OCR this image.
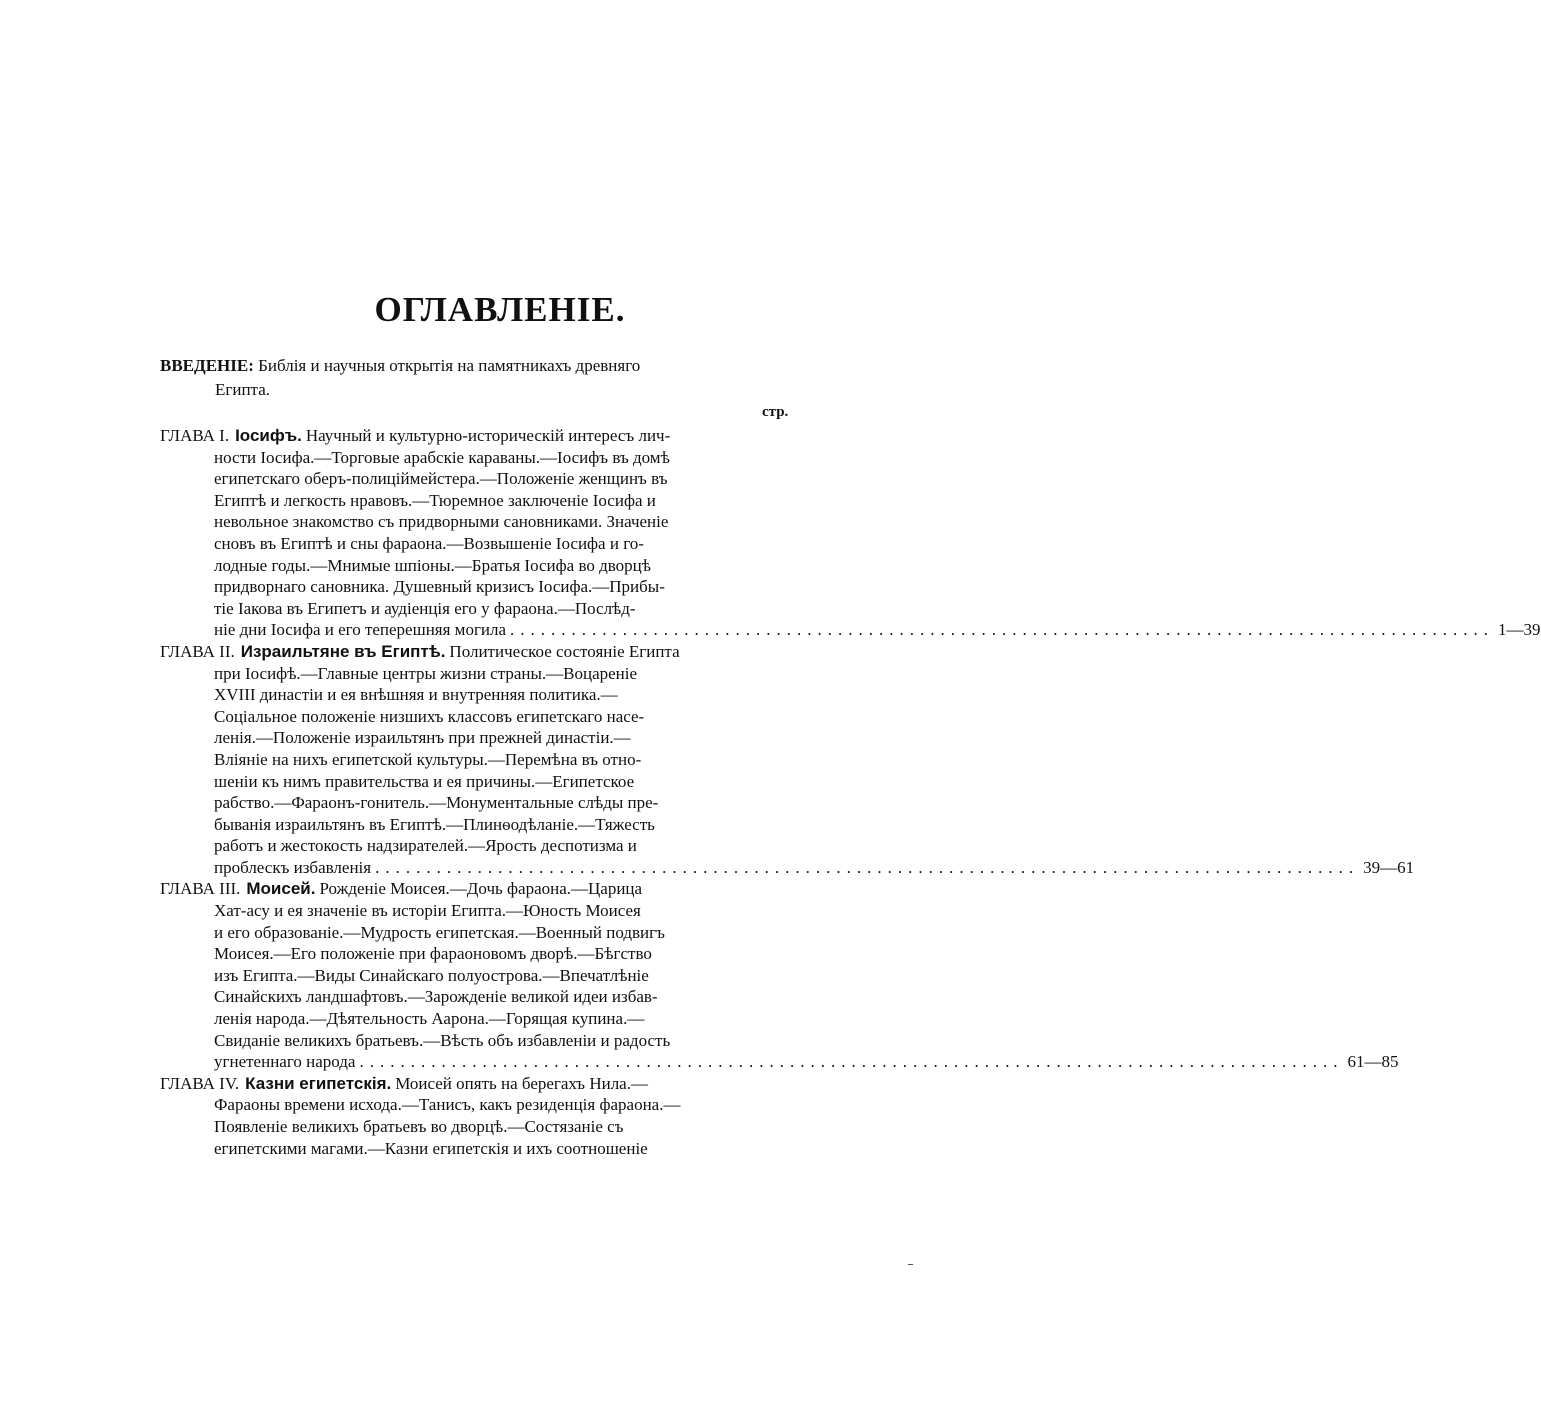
ОГЛАВЛЕНІЕ.
ВВЕДЕНІЕ: Библія и научныя открытія на памятникахъ древняго
Египта.
стр.
ГЛАВА I. Іосифъ. Научный и культурно-историческій интересъ лич-
ности Іосифа.—Торговые арабскіе караваны.—Іосифъ въ домѣ
египетскаго оберъ-полиціймейстера.—Положеніе женщинъ въ
Египтѣ и легкость нравовъ.—Тюремное заключеніе Іосифа и
невольное знакомство съ придворными сановниками. Значеніе
сновъ въ Египтѣ и сны фараона.—Возвышеніе Іосифа и го-
лодные годы.—Мнимые шпіоны.—Братья Іосифа во дворцѣ
придворнаго сановника. Душевный кризисъ Іосифа.—Прибы-
тіе Іакова въ Египетъ и аудіенція его у фараона.—Послѣд-
ніе дни Іосифа и его теперешняя могила ................................................................................................ 1—39
ГЛАВА II. Израильтяне въ Египтѣ. Политическое состояніе Египта
при Іосифѣ.—Главные центры жизни страны.—Воцареніе
XVIII династіи и ея внѣшняя и внутренняя политика.—
Соціальное положеніе низшихъ классовъ египетскаго насе-
ленія.—Положеніе израильтянъ при прежней династіи.—
Вліяніе на нихъ египетской культуры.—Перемѣна въ отно-
шеніи къ нимъ правительства и ея причины.—Египетское
рабство.—Фараонъ-гонитель.—Монументальные слѣды пре-
быванія израильтянъ въ Египтѣ.—Плинѳодѣланіе.—Тяжесть
работъ и жестокость надзирателей.—Ярость деспотизма и
проблескъ избавленія ................................................................................................ 39—61
ГЛАВА III. Моисей. Рожденіе Моисея.—Дочь фараона.—Царица
Хат-асу и ея значеніе въ исторіи Египта.—Юность Моисея
и его образованіе.—Мудрость египетская.—Военный подвигъ
Моисея.—Его положеніе при фараоновомъ дворѣ.—Бѣгство
изъ Египта.—Виды Синайскаго полуострова.—Впечатлѣніе
Синайскихъ ландшафтовъ.—Зарожденіе великой идеи избав-
ленія народа.—Дѣятельность Аарона.—Горящая купина.—
Свиданіе великихъ братьевъ.—Вѣсть объ избавленіи и радость
угнетеннаго народа ................................................................................................ 61—85
ГЛАВА IV. Казни египетскія. Моисей опять на берегахъ Нила.—
Фараоны времени исхода.—Танисъ, какъ резиденція фараона.—
Появленіе великихъ братьевъ во дворцѣ.—Состязаніе съ
египетскими магами.—Казни египетскія и ихъ соотношеніе
